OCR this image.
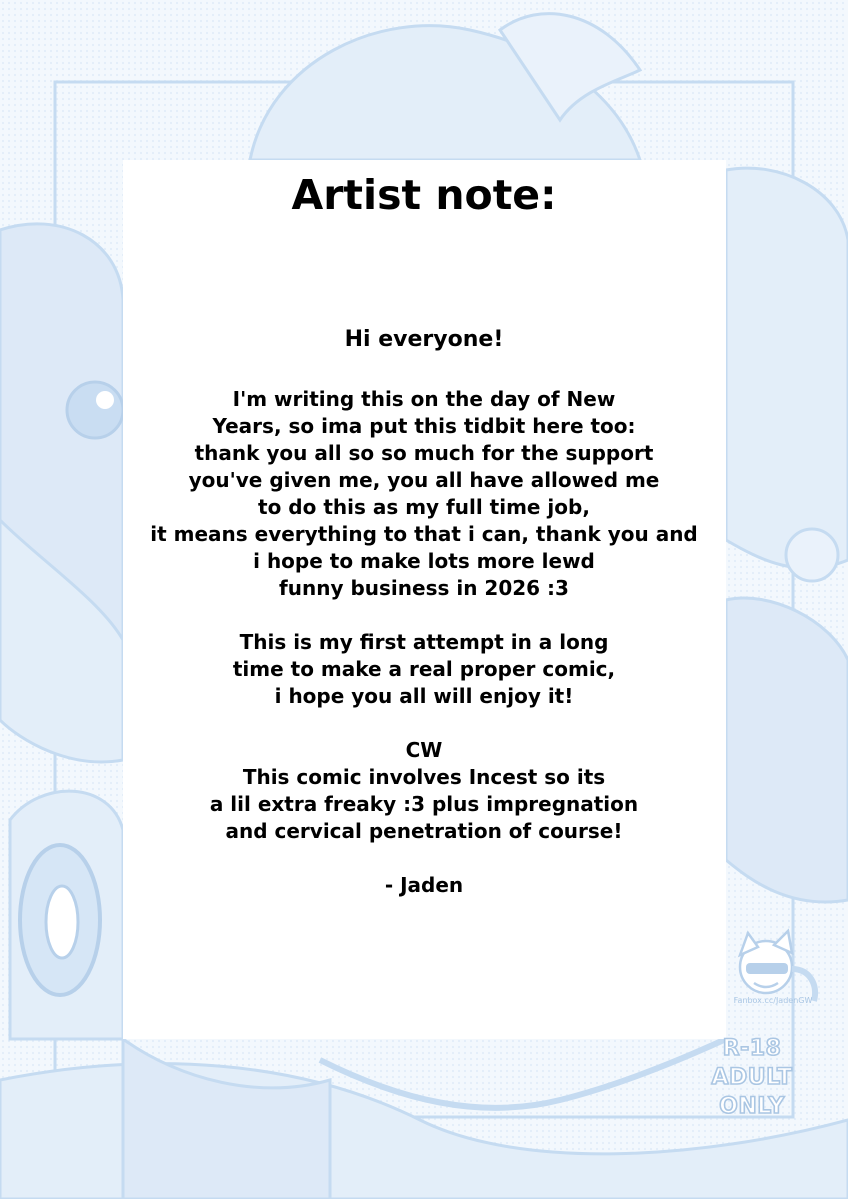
Artist note:

Hi everyone!

I'm writing this on the day of New

Years, so ima put this tidbit here too:

thank you all so so much for the support

you've given me, you all have allowed me

to do this as my full time job,

it means everything to that i can, thank you and

i hope to make lots more lewd

funny business in 2026 :3

This is my first attempt in a long

time to make a real proper comic,

i hope you all will enjoy it!

CW

This comic involves Incest so its

a lil extra freaky :3 plus impregnation

and cervical penetration of course!

- Jaden

Fanbox.cc/JadenGW
R-18
ADULT
ONLY
